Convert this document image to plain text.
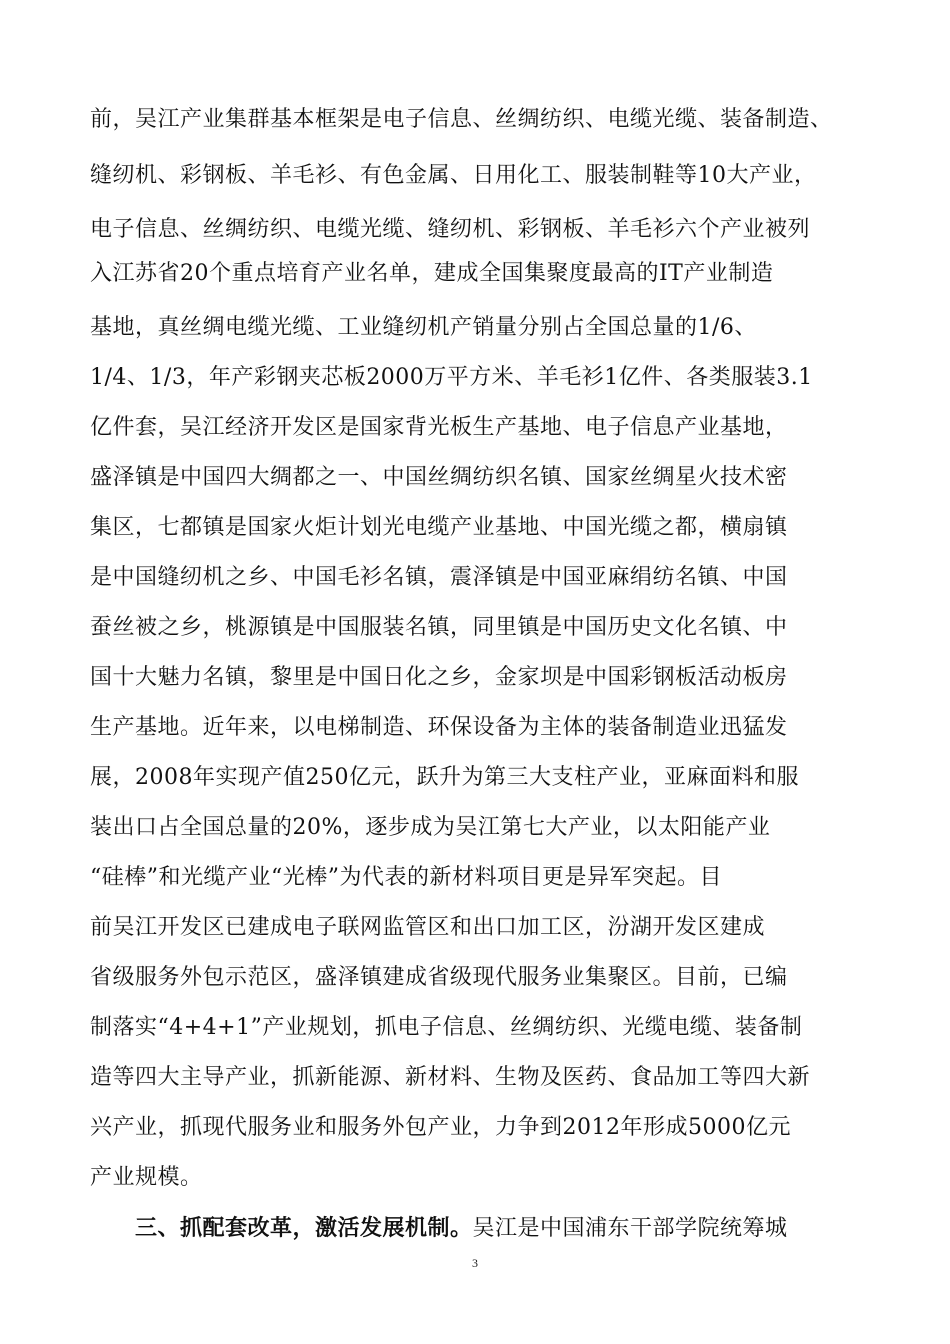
前，吴江产业集群基本框架是电子信息、丝绸纺织、电缆光缆、装备制造、
缝纫机、彩钢板、羊毛衫、有色金属、日用化工、服装制鞋等10大产业，
电子信息、丝绸纺织、电缆光缆、缝纫机、彩钢板、羊毛衫六个产业被列
入江苏省20个重点培育产业名单，建成全国集聚度最高的IT产业制造
基地，真丝绸电缆光缆、工业缝纫机产销量分别占全国总量的1/6、
1/4、1/3，年产彩钢夹芯板2000万平方米、羊毛衫1亿件、各类服装3.1
亿件套，吴江经济开发区是国家背光板生产基地、电子信息产业基地，
盛泽镇是中国四大绸都之一、中国丝绸纺织名镇、国家丝绸星火技术密
集区，七都镇是国家火炬计划光电缆产业基地、中国光缆之都，横扇镇
是中国缝纫机之乡、中国毛衫名镇，震泽镇是中国亚麻绢纺名镇、中国
蚕丝被之乡，桃源镇是中国服装名镇，同里镇是中国历史文化名镇、中
国十大魅力名镇，黎里是中国日化之乡，金家坝是中国彩钢板活动板房
生产基地。近年来，以电梯制造、环保设备为主体的装备制造业迅猛发
展，2008年实现产值250亿元，跃升为第三大支柱产业，亚麻面料和服
装出口占全国总量的20%，逐步成为吴江第七大产业，以太阳能产业
“硅棒”和光缆产业“光棒”为代表的新材料项目更是异军突起。目
前吴江开发区已建成电子联网监管区和出口加工区，汾湖开发区建成
省级服务外包示范区，盛泽镇建成省级现代服务业集聚区。目前，已编
制落实“4+4+1”产业规划，抓电子信息、丝绸纺织、光缆电缆、装备制
造等四大主导产业，抓新能源、新材料、生物及医药、食品加工等四大新
兴产业，抓现代服务业和服务外包产业，力争到2012年形成5000亿元
产业规模。
三、抓配套改革，激活发展机制。吴江是中国浦东干部学院统筹城
3
